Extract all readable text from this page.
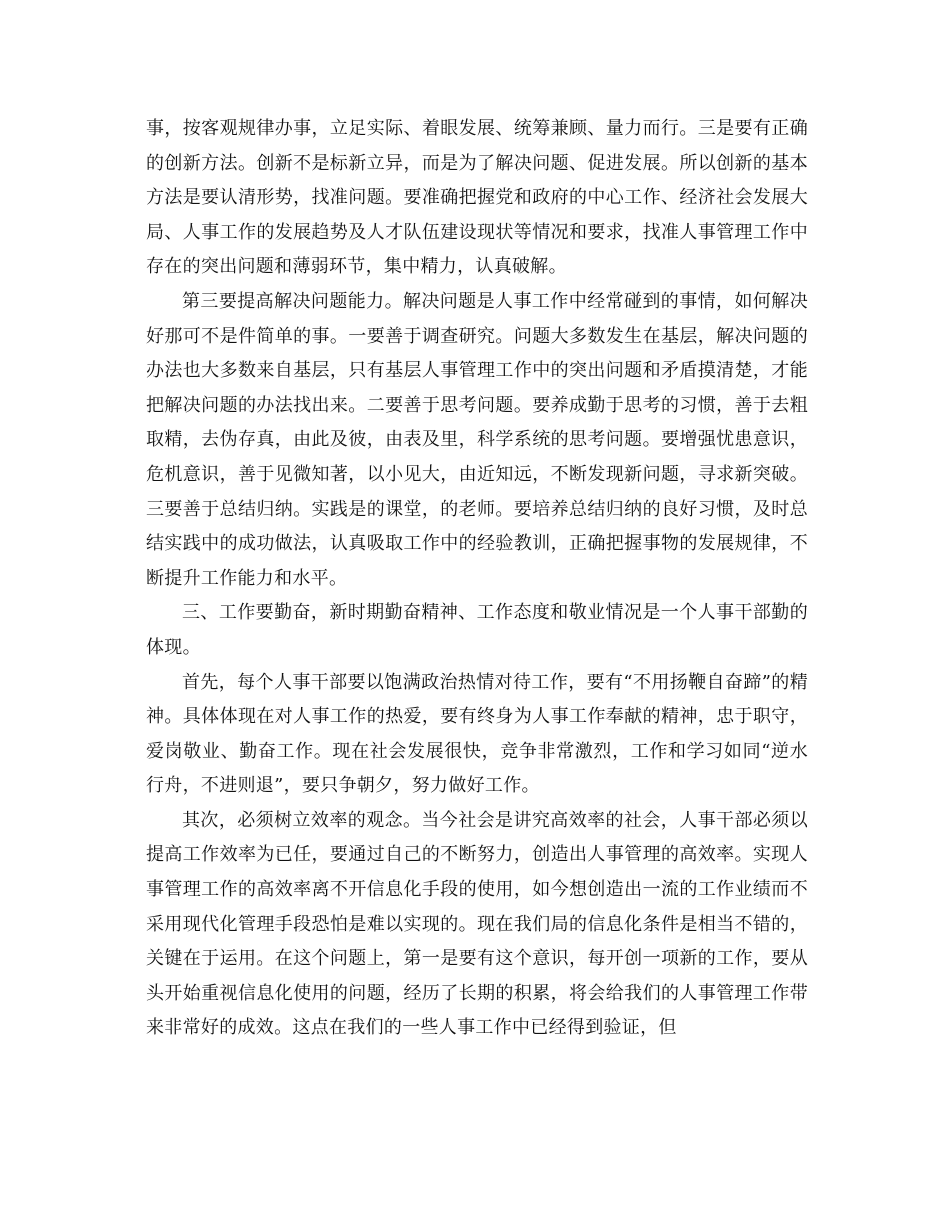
事，按客观规律办事，立足实际、着眼发展、统筹兼顾、量力而行。三是要有正确的创新方法。创新不是标新立异，而是为了解决问题、促进发展。所以创新的基本方法是要认清形势，找准问题。要准确把握党和政府的中心工作、经济社会发展大局、人事工作的发展趋势及人才队伍建设现状等情况和要求，找准人事管理工作中存在的突出问题和薄弱环节，集中精力，认真破解。

第三要提高解决问题能力。解决问题是人事工作中经常碰到的事情，如何解决好那可不是件简单的事。一要善于调查研究。问题大多数发生在基层，解决问题的办法也大多数来自基层，只有基层人事管理工作中的突出问题和矛盾摸清楚，才能把解决问题的办法找出来。二要善于思考问题。要养成勤于思考的习惯，善于去粗取精，去伪存真，由此及彼，由表及里，科学系统的思考问题。要增强忧患意识，危机意识，善于见微知著，以小见大，由近知远，不断发现新问题，寻求新突破。三要善于总结归纳。实践是的课堂，的老师。要培养总结归纳的良好习惯，及时总结实践中的成功做法，认真吸取工作中的经验教训，正确把握事物的发展规律，不断提升工作能力和水平。

三、工作要勤奋，新时期勤奋精神、工作态度和敬业情况是一个人事干部勤的体现。

首先，每个人事干部要以饱满政治热情对待工作，要有“不用扬鞭自奋蹄”的精神。具体体现在对人事工作的热爱，要有终身为人事工作奉献的精神，忠于职守，爱岗敬业、勤奋工作。现在社会发展很快，竞争非常激烈，工作和学习如同“逆水行舟，不进则退”，要只争朝夕，努力做好工作。

其次，必须树立效率的观念。当今社会是讲究高效率的社会，人事干部必须以提高工作效率为已任，要通过自己的不断努力，创造出人事管理的高效率。实现人事管理工作的高效率离不开信息化手段的使用，如今想创造出一流的工作业绩而不采用现代化管理手段恐怕是难以实现的。现在我们局的信息化条件是相当不错的，关键在于运用。在这个问题上，第一是要有这个意识，每开创一项新的工作，要从头开始重视信息化使用的问题，经历了长期的积累，将会给我们的人事管理工作带来非常好的成效。这点在我们的一些人事工作中已经得到验证，但
